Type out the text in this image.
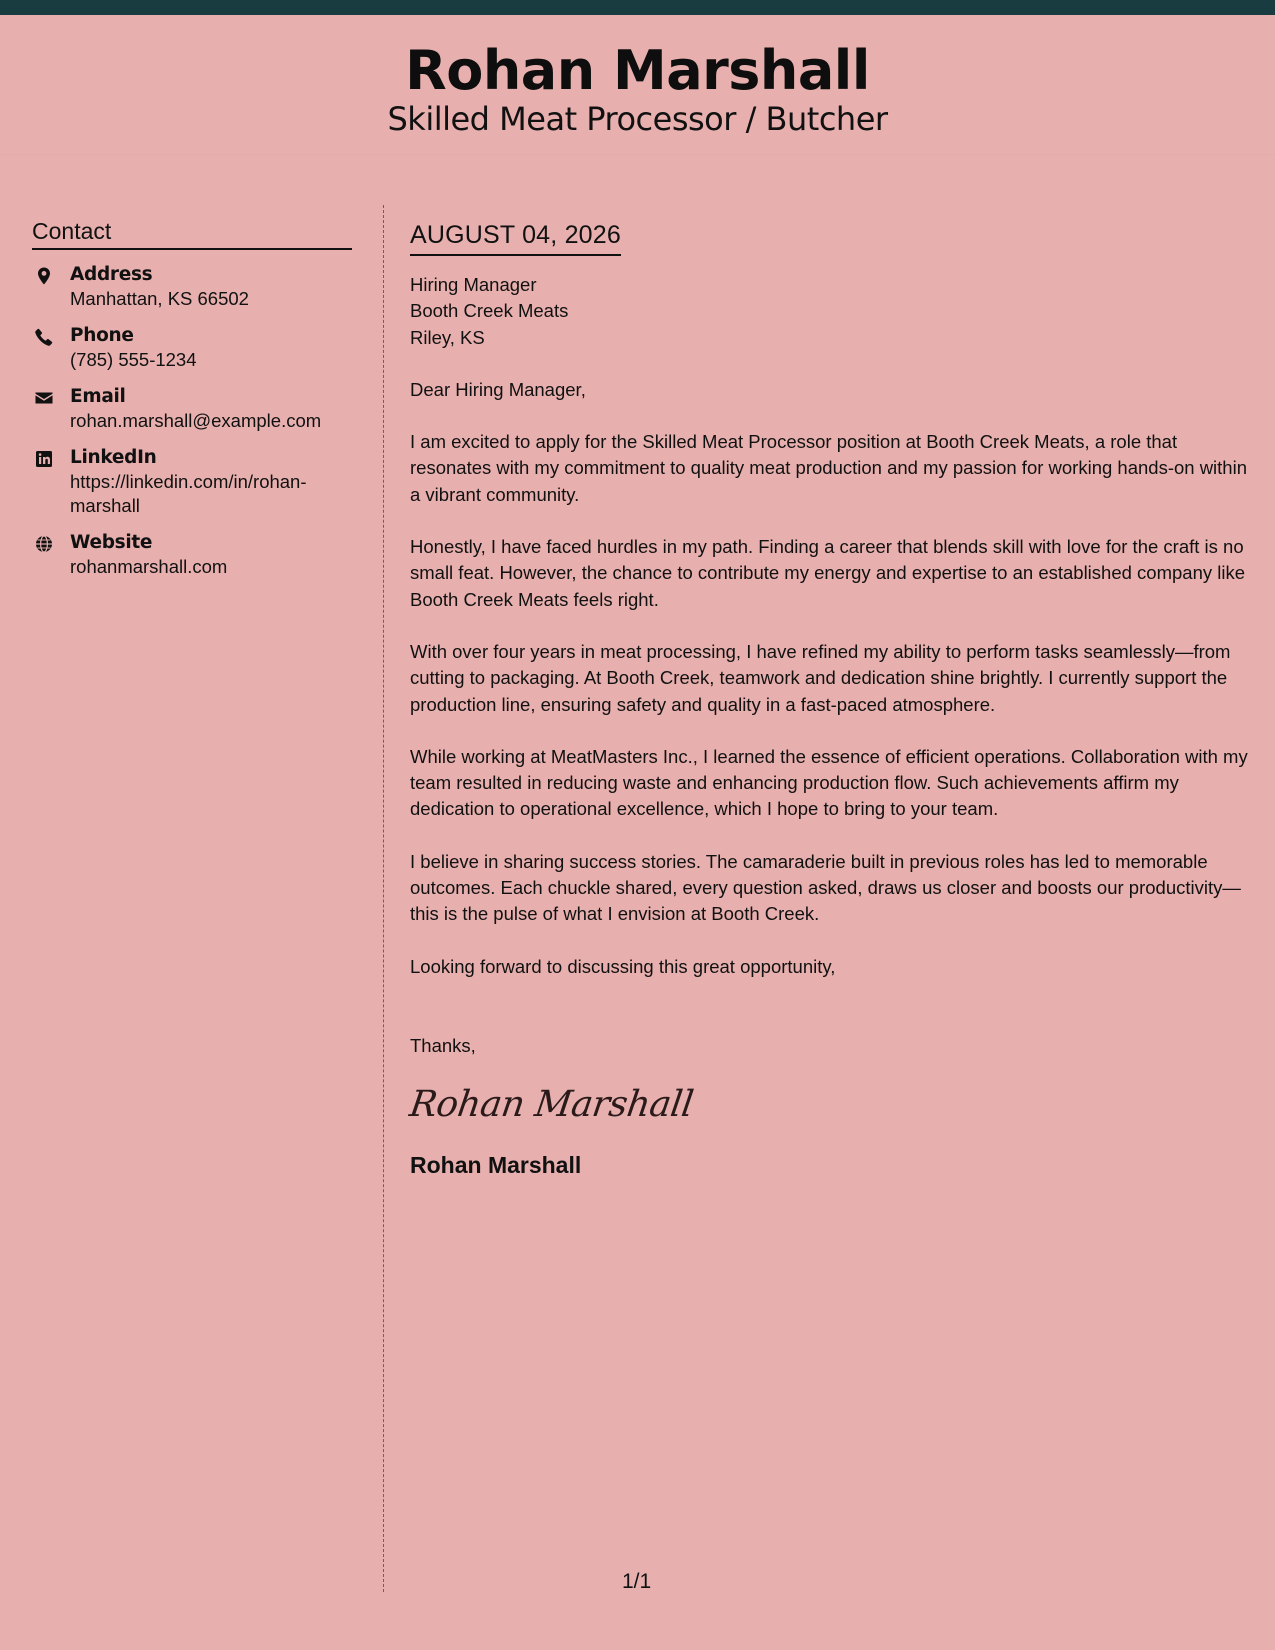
Rohan Marshall
Skilled Meat Processor / Butcher
Contact
Address
Manhattan, KS 66502
Phone
(785) 555-1234
Email
rohan.marshall@example.com
LinkedIn
https://linkedin.com/in/rohan-marshall
Website
rohanmarshall.com
AUGUST 04, 2026
Hiring Manager
Booth Creek Meats
Riley, KS
Dear Hiring Manager,

I am excited to apply for the Skilled Meat Processor position at Booth Creek Meats, a role that resonates with my commitment to quality meat production and my passion for working hands-on within a vibrant community.

Honestly, I have faced hurdles in my path. Finding a career that blends skill with love for the craft is no small feat. However, the chance to contribute my energy and expertise to an established company like Booth Creek Meats feels right.

With over four years in meat processing, I have refined my ability to perform tasks seamlessly—from cutting to packaging. At Booth Creek, teamwork and dedication shine brightly. I currently support the production line, ensuring safety and quality in a fast-paced atmosphere.

While working at MeatMasters Inc., I learned the essence of efficient operations. Collaboration with my team resulted in reducing waste and enhancing production flow. Such achievements affirm my dedication to operational excellence, which I hope to bring to your team.

I believe in sharing success stories. The camaraderie built in previous roles has led to memorable outcomes. Each chuckle shared, every question asked, draws us closer and boosts our productivity—this is the pulse of what I envision at Booth Creek.

Looking forward to discussing this great opportunity,
Thanks,
Rohan Marshall
Rohan Marshall
1/1
